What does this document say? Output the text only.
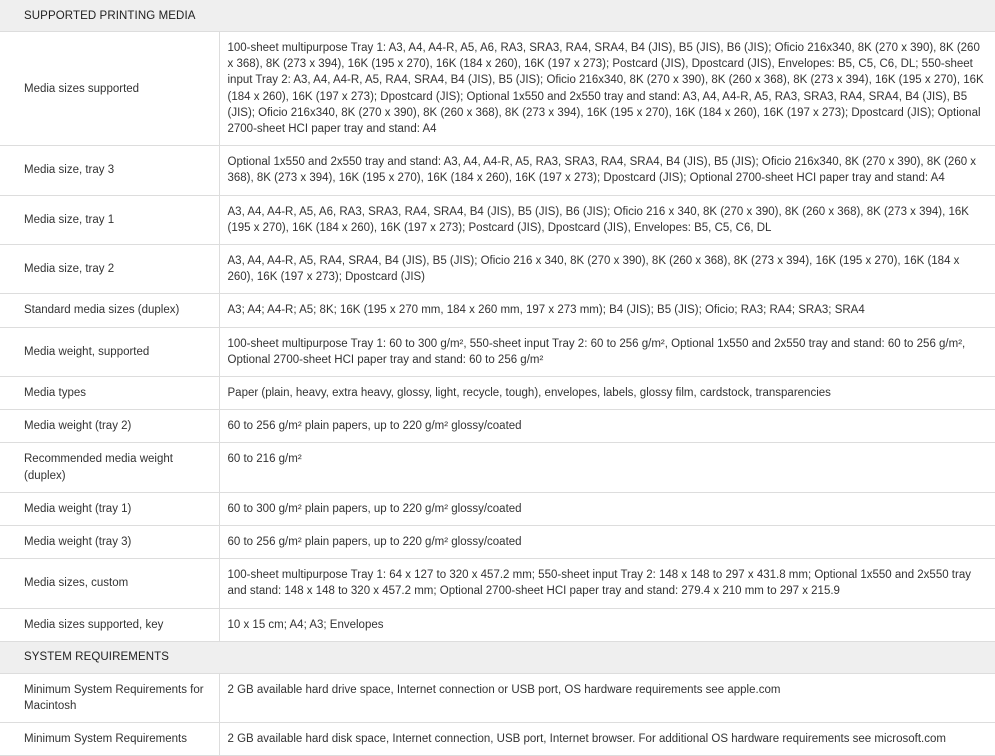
SUPPORTED PRINTING MEDIA	
Media sizes supported	100-sheet multipurpose Tray 1: A3, A4, A4-R, A5, A6, RA3, SRA3, RA4, SRA4, B4 (JIS), B5 (JIS), B6 (JIS); Oficio 216x340, 8K (270 x 390), 8K (260 x 368), 8K (273 x 394), 16K (195 x 270), 16K (184 x 260), 16K (197 x 273); Postcard (JIS), Dpostcard (JIS), Envelopes: B5, C5, C6, DL; 550-sheet input Tray 2: A3, A4, A4-R, A5, RA4, SRA4, B4 (JIS), B5 (JIS); Oficio 216x340, 8K (270 x 390), 8K (260 x 368), 8K (273 x 394), 16K (195 x 270), 16K (184 x 260), 16K (197 x 273); Dpostcard (JIS); Optional 1x550 and 2x550 tray and stand: A3, A4, A4-R, A5, RA3, SRA3, RA4, SRA4, B4 (JIS), B5 (JIS); Oficio 216x340, 8K (270 x 390), 8K (260 x 368), 8K (273 x 394), 16K (195 x 270), 16K (184 x 260), 16K (197 x 273); Dpostcard (JIS); Optional 2700-sheet HCI paper tray and stand: A4
Media size, tray 3	Optional 1x550 and 2x550 tray and stand: A3, A4, A4-R, A5, RA3, SRA3, RA4, SRA4, B4 (JIS), B5 (JIS); Oficio 216x340, 8K (270 x 390), 8K (260 x 368), 8K (273 x 394), 16K (195 x 270), 16K (184 x 260), 16K (197 x 273); Dpostcard (JIS); Optional 2700-sheet HCI paper tray and stand: A4
Media size, tray 1	A3, A4, A4-R, A5, A6, RA3, SRA3, RA4, SRA4, B4 (JIS), B5 (JIS), B6 (JIS); Oficio 216 x 340, 8K (270 x 390), 8K (260 x 368), 8K (273 x 394), 16K (195 x 270), 16K (184 x 260), 16K (197 x 273); Postcard (JIS), Dpostcard (JIS), Envelopes: B5, C5, C6, DL
Media size, tray 2	A3, A4, A4-R, A5, RA4, SRA4, B4 (JIS), B5 (JIS); Oficio 216 x 340, 8K (270 x 390), 8K (260 x 368), 8K (273 x 394), 16K (195 x 270), 16K (184 x 260), 16K (197 x 273); Dpostcard (JIS)
Standard media sizes (duplex)	A3; A4; A4-R; A5; 8K; 16K (195 x 270 mm, 184 x 260 mm, 197 x 273 mm); B4 (JIS); B5 (JIS); Oficio; RA3; RA4; SRA3; SRA4
Media weight, supported	100-sheet multipurpose Tray 1: 60 to 300 g/m², 550-sheet input Tray 2: 60 to 256 g/m², Optional 1x550 and 2x550 tray and stand: 60 to 256 g/m², Optional 2700-sheet HCI paper tray and stand: 60 to 256 g/m²
Media types	Paper (plain, heavy, extra heavy, glossy, light, recycle, tough), envelopes, labels, glossy film, cardstock, transparencies
Media weight (tray 2)	60 to 256 g/m² plain papers, up to 220 g/m² glossy/coated
Recommended media weight (duplex)	60 to 216 g/m²
Media weight (tray 1)	60 to 300 g/m² plain papers, up to 220 g/m² glossy/coated
Media weight (tray 3)	60 to 256 g/m² plain papers, up to 220 g/m² glossy/coated
Media sizes, custom	100-sheet multipurpose Tray 1: 64 x 127 to 320 x 457.2 mm; 550-sheet input Tray 2: 148 x 148 to 297 x 431.8 mm; Optional 1x550 and 2x550 tray and stand: 148 x 148 to 320 x 457.2 mm; Optional 2700-sheet HCI paper tray and stand: 279.4 x 210 mm to 297 x 215.9
Media sizes supported, key	10 x 15 cm; A4; A3; Envelopes
SYSTEM REQUIREMENTS	
Minimum System Requirements for Macintosh	2 GB available hard drive space, Internet connection or USB port, OS hardware requirements see apple.com
Minimum System Requirements	2 GB available hard disk space, Internet connection, USB port, Internet browser. For additional OS hardware requirements see microsoft.com
